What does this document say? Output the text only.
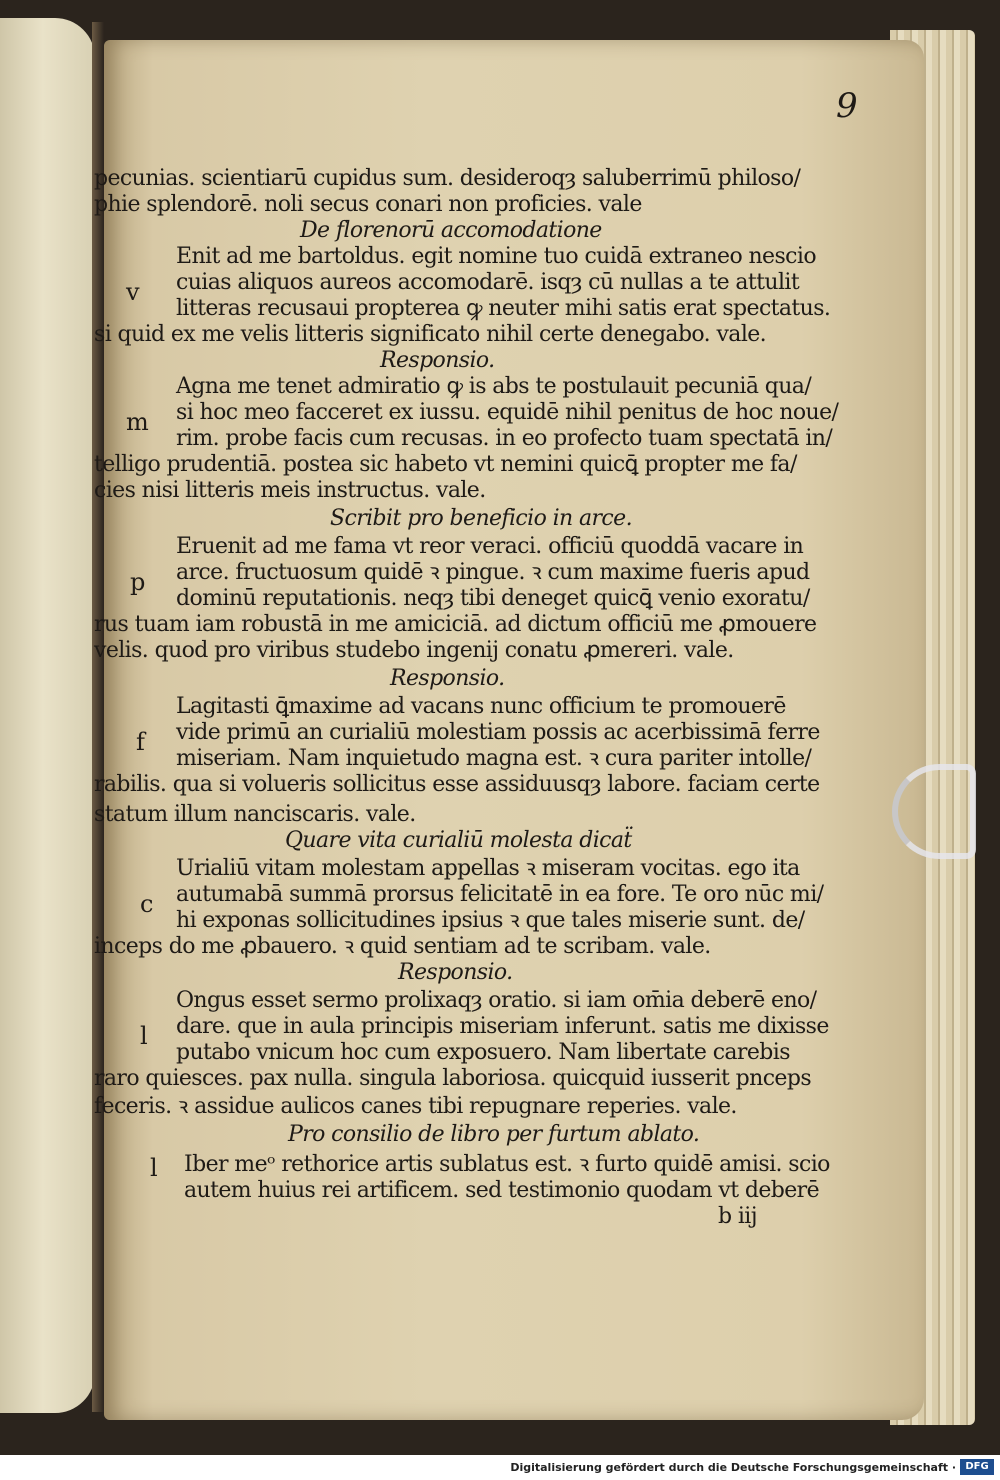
9
pecunias. scientiarū cupidus sum. desideroqȝ saluberrimū philoso/
phie splendorē. noli secus conari non proficies. vale
De florenorū accomodatione
Enit ad me bartoldus. egit nomine tuo cuidā extraneo nescio
cuias aliquos aureos accomodarē. isqȝ cū nullas a te attulit
litteras recusaui propterea ꝙ neuter mihi satis erat spectatus.
si quid ex me velis litteris significato nihil certe denegabo. vale.
Responsio.
Agna me tenet admiratio ꝙ is abs te postulauit pecuniā qua/
si hoc meo facceret ex iussu. equidē nihil penitus de hoc noue/
rim. probe facis cum recusas. in eo profecto tuam spectatā in/
telligo prudentiā. postea sic habeto vt nemini quicꝗ̄ propter me fa/
cies nisi litteris meis instructus. vale.
Scribit pro beneficio in arce.
Eruenit ad me fama vt reor veraci. officiū quoddā vacare in
arce. fructuosum quidē ꝛ pingue. ꝛ cum maxime fueris apud
dominū reputationis. neqȝ tibi deneget quicꝗ̄ venio exoratu/
rus tuam iam robustā in me amiciciā. ad dictum officiū me ꝓmouere
velis. quod pro viribus studebo ingenij conatu ꝓmereri. vale.
Responsio.
Lagitasti ꝗ̄maxime ad vacans nunc officium te promouerē
vide primū an curialiū molestiam possis ac acerbissimā ferre
miseriam. Nam inquietudo magna est. ꝛ cura pariter intolle/
rabilis. qua si volueris sollicitus esse assiduusqȝ labore. faciam certe
statum illum nanciscaris. vale.
Quare vita curialiū molesta dicaẗ
Urialiū vitam molestam appellas ꝛ miseram vocitas. ego ita
autumabā summā prorsus felicitatē in ea fore. Te oro nūc mi/
hi exponas sollicitudines ipsius ꝛ que tales miserie sunt. de/
inceps do me ꝓbauero. ꝛ quid sentiam ad te scribam. vale.
Responsio.
Ongus esset sermo prolixaqȝ oratio. si iam om̄ia deberē eno/
dare. que in aula principis miseriam inferunt. satis me dixisse
putabo vnicum hoc cum exposuero. Nam libertate carebis
raro quiesces. pax nulla. singula laboriosa. quicquid iusserit pnceps
feceris. ꝛ assidue aulicos canes tibi repugnare reperies. vale.
Pro consilio de libro per furtum ablato.
Iber meᵒ rethorice artis sublatus est. ꝛ furto quidē amisi. scio
autem huius rei artificem. sed testimonio quodam vt deberē
b iij
v
m
p
f
c
l
l
Digitalisierung gefördert durch die Deutsche Forschungsgemeinschaft · DFG
